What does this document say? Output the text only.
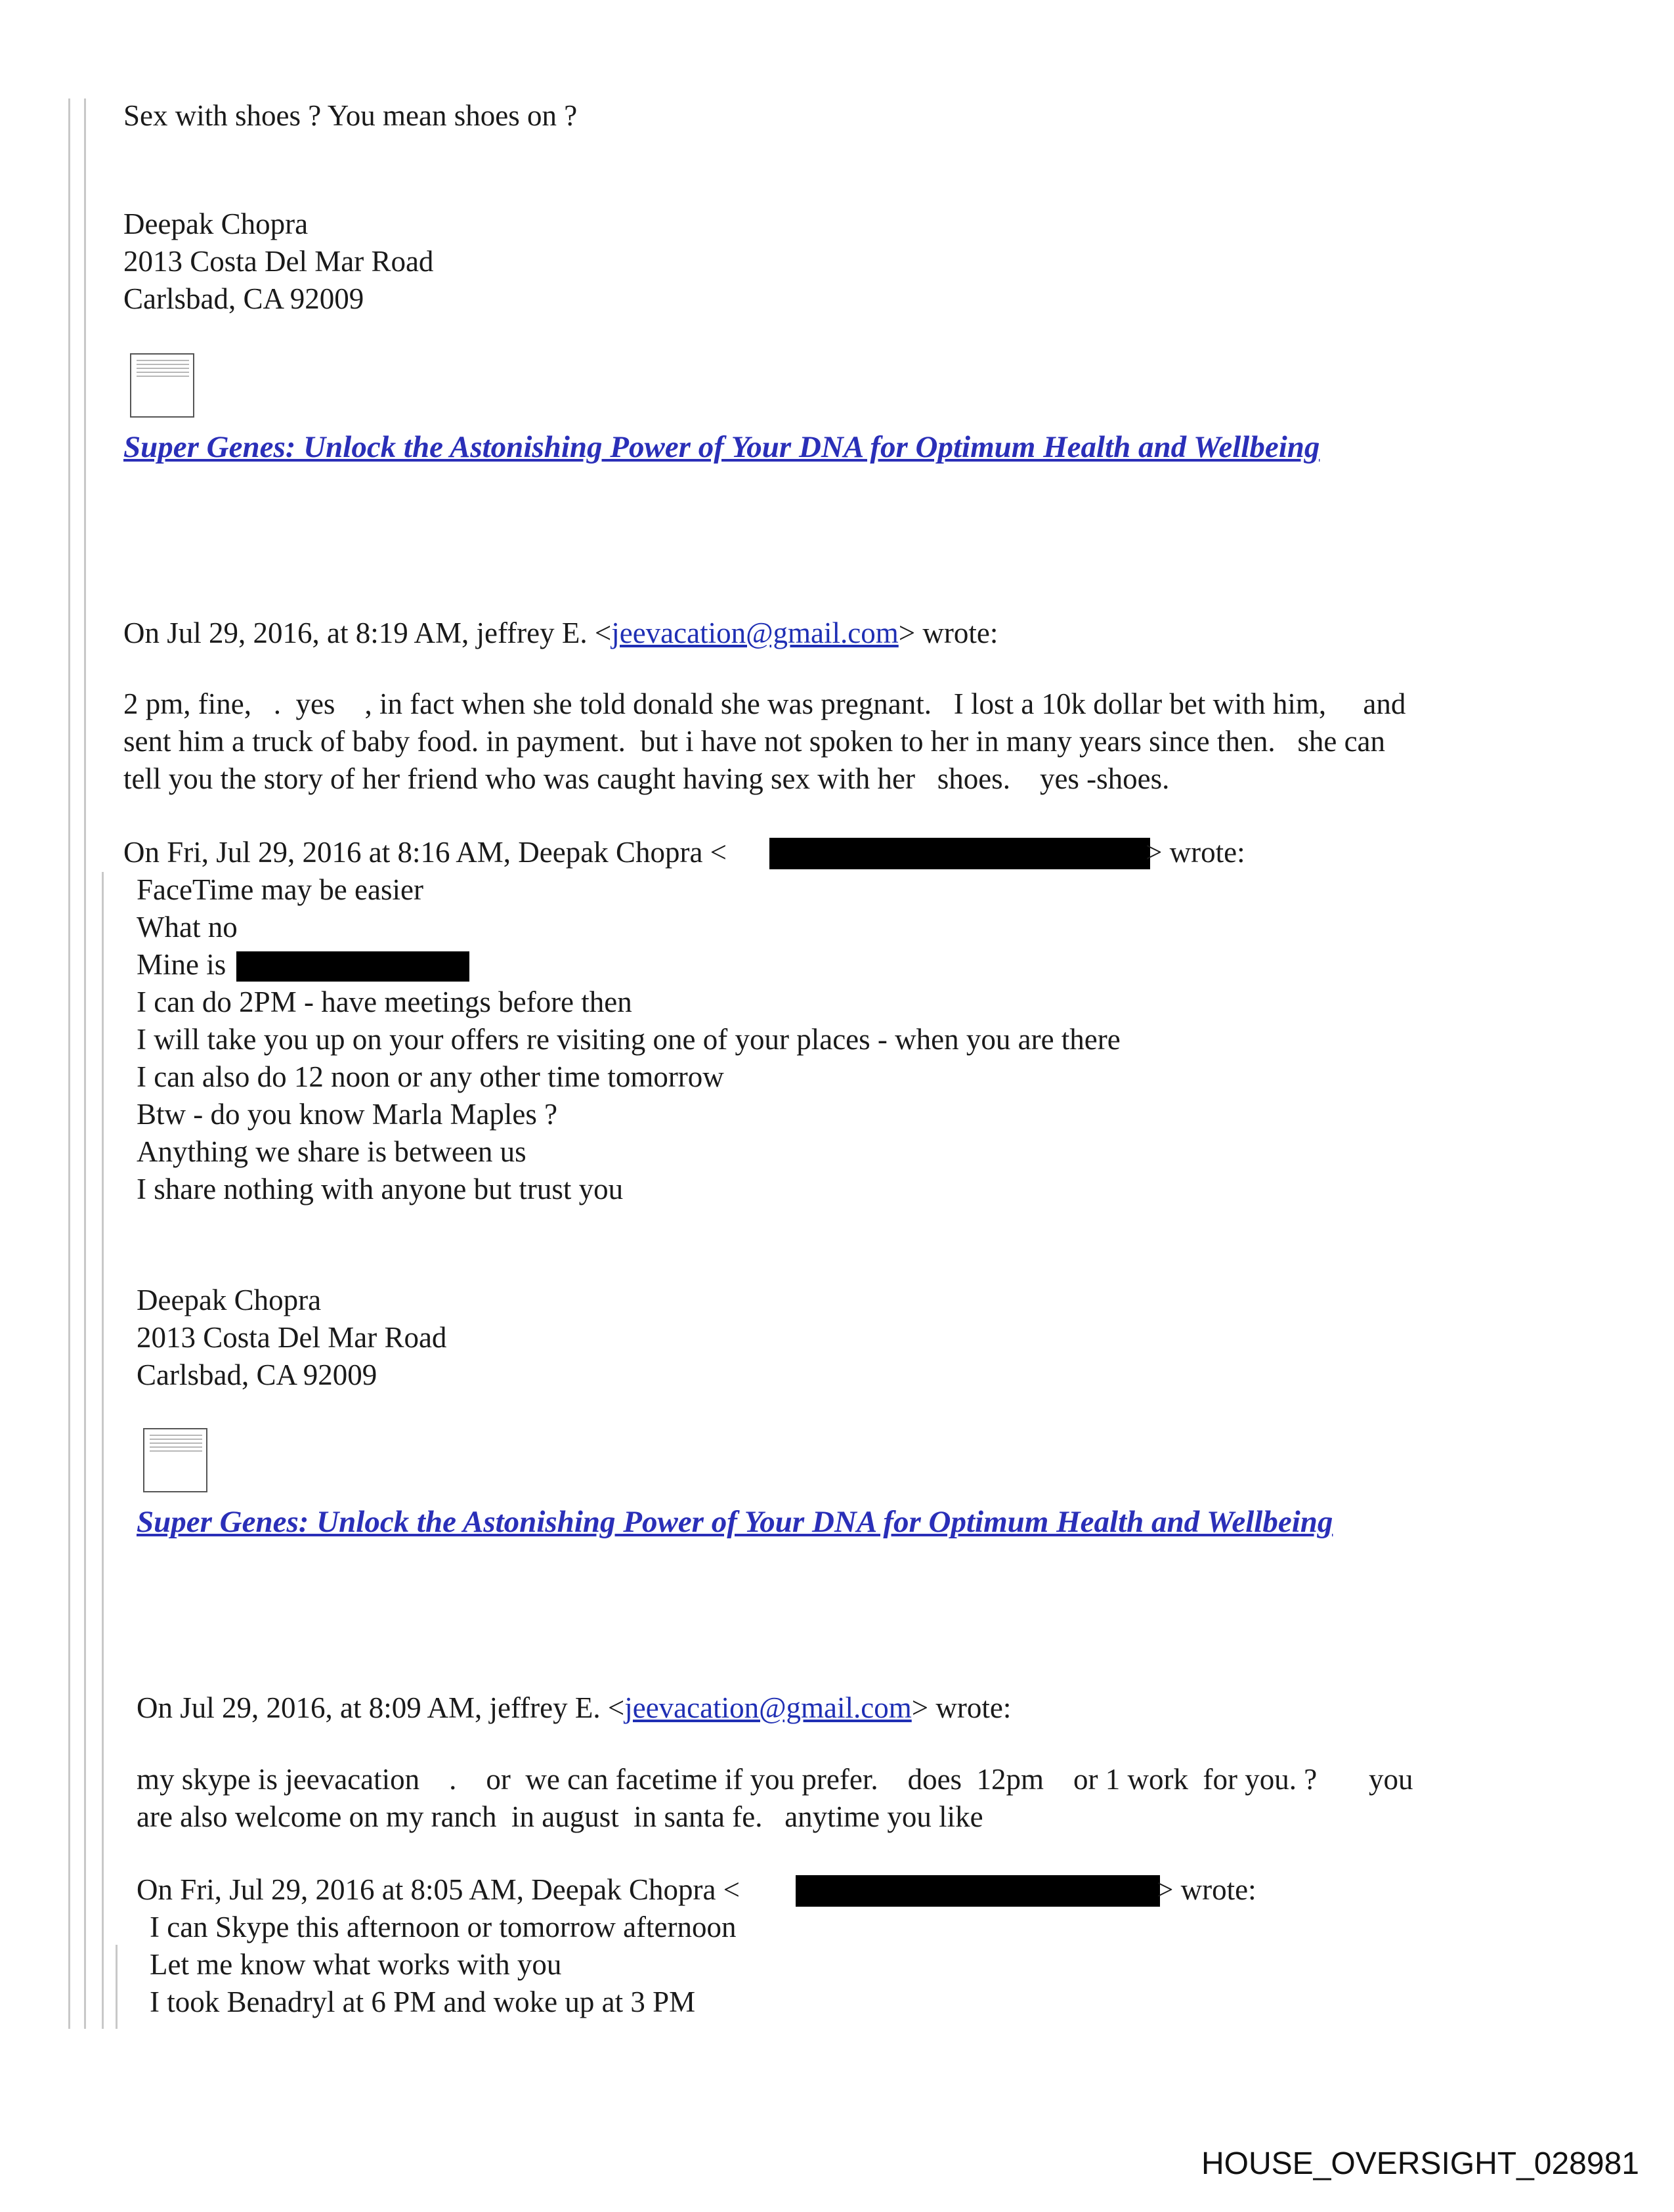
Sex with shoes ? You mean shoes on ?
Deepak Chopra
2013 Costa Del Mar Road
Carlsbad, CA 92009
Super Genes: Unlock the Astonishing Power of Your DNA for Optimum Health and Wellbeing
On Jul 29, 2016, at 8:19 AM, jeffrey E. <jeevacation@gmail.com> wrote:
2 pm, fine,   .  yes    , in fact when she told donald she was pregnant.   I lost a 10k dollar bet with him,     and
sent him a truck of baby food. in payment.  but i have not spoken to her in many years since then.   she can
tell you the story of her friend who was caught having sex with her   shoes.    yes -shoes.
On Fri, Jul 29, 2016 at 8:16 AM, Deepak Chopra <	> wrote:
FaceTime may be easier
What no
Mine is
I can do 2PM - have meetings before then
I will take you up on your offers re visiting one of your places - when you are there
I can also do 12 noon or any other time tomorrow
Btw - do you know Marla Maples ?
Anything we share is between us
I share nothing with anyone but trust you
Deepak Chopra
2013 Costa Del Mar Road
Carlsbad, CA 92009
Super Genes: Unlock the Astonishing Power of Your DNA for Optimum Health and Wellbeing
On Jul 29, 2016, at 8:09 AM, jeffrey E. <jeevacation@gmail.com> wrote:
my skype is jeevacation    .    or  we can facetime if you prefer.    does  12pm    or 1 work  for you. ?       you
are also welcome on my ranch  in august  in santa fe.   anytime you like
On Fri, Jul 29, 2016 at 8:05 AM, Deepak Chopra <	> wrote:
I can Skype this afternoon or tomorrow afternoon
Let me know what works with you
I took Benadryl at 6 PM and woke up at 3 PM
HOUSE_OVERSIGHT_028981
